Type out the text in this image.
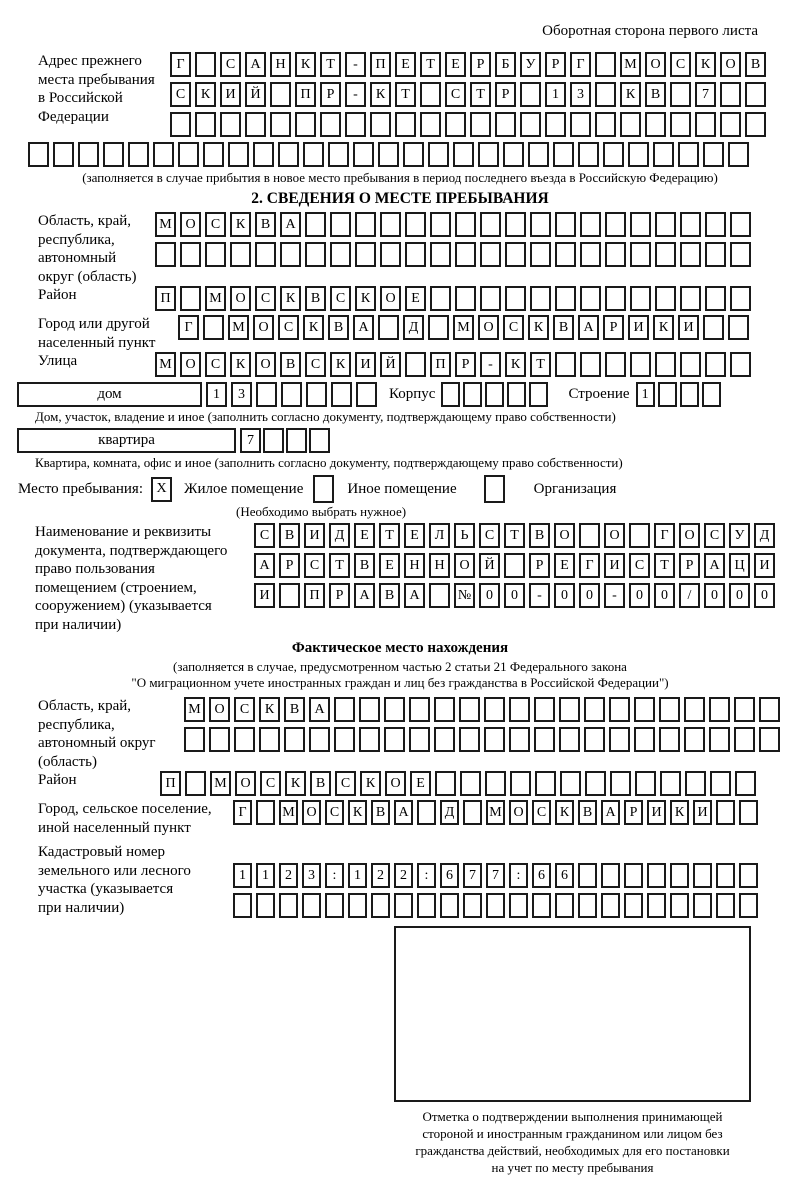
Оборотная сторона первого листа
Адрес прежнего
места пребывания
в Российской
Федерации
Г	С	А	Н	К	Т	-	П	Е	Т	Е	Р	Б	У	Р	Г	М О	С	К	О	В
С	К	И	Й	П	Р	-	К	Т	С	Т	Р	1	3	К	В	7
(заполняется в случае прибытия в новое место пребывания в период последнего въезда в Российскую Федерацию)
2. СВЕДЕНИЯ О МЕСТЕ ПРЕБЫВАНИЯ
Область, край,
республика,
автономный
округ (область)
М О	С	К	В	А
Район	П	М О	С	К	В	С	К	О	Е
Город или другой
населенный пункт
Г	М О	С	К	В	А	Д	М О	С	К	В	А	Р	И	К	И
Улица	М О	С	К	О	В	С	К	И	Й	П	Р	-	К	Т
дом	1	3	Корпус	Строение 1
Дом, участок, владение и иное (заполнить согласно документу, подтверждающему право собственности)
квартира	7
Квартира, комната, офис и иное (заполнить согласно документу, подтверждающему право собственности)
Место пребывания: X	Жилое помещение	Иное помещение	Организация
(Необходимо выбрать нужное)
Наименование и реквизиты
документа, подтверждающего
право пользования
помещением (строением,
сооружением) (указывается
при наличии)
С	В	И	Д	Е	Т	Е	Л	Ь	С	Т	В	О	О	Г	О	С	У	Д
А	Р	С	Т	В	Е	Н	Н	О	Й	Р	Е	Г	И	С	Т	Р	А	Ц	И
И	П	Р	А	В	А	№	0	0	-	0	0	-	0	0	/	0	0	0
Фактическое место нахождения
(заполняется в случае, предусмотренном частью 2 статьи 21 Федерального закона
"О миграционном учете иностранных граждан и лиц без гражданства в Российской Федерации")
Область, край,
республика,
автономный округ
(область)
М О	С	К	В	А
Район	П	М О	С	К	В	С	К	О	Е
Город, сельское поселение,
иной населенный пункт
Г	М О С К В А	Д	М О С К В А	Р	И К И
Кадастровый номер
земельного или лесного
участка (указывается
при наличии)
1	1	2	3	:	1	2	2	:	6	7	7	:	6	6
Отметка о подтверждении выполнения принимающей
стороной и иностранным гражданином или лицом без
гражданства действий, необходимых для его постановки
на учет по месту пребывания
